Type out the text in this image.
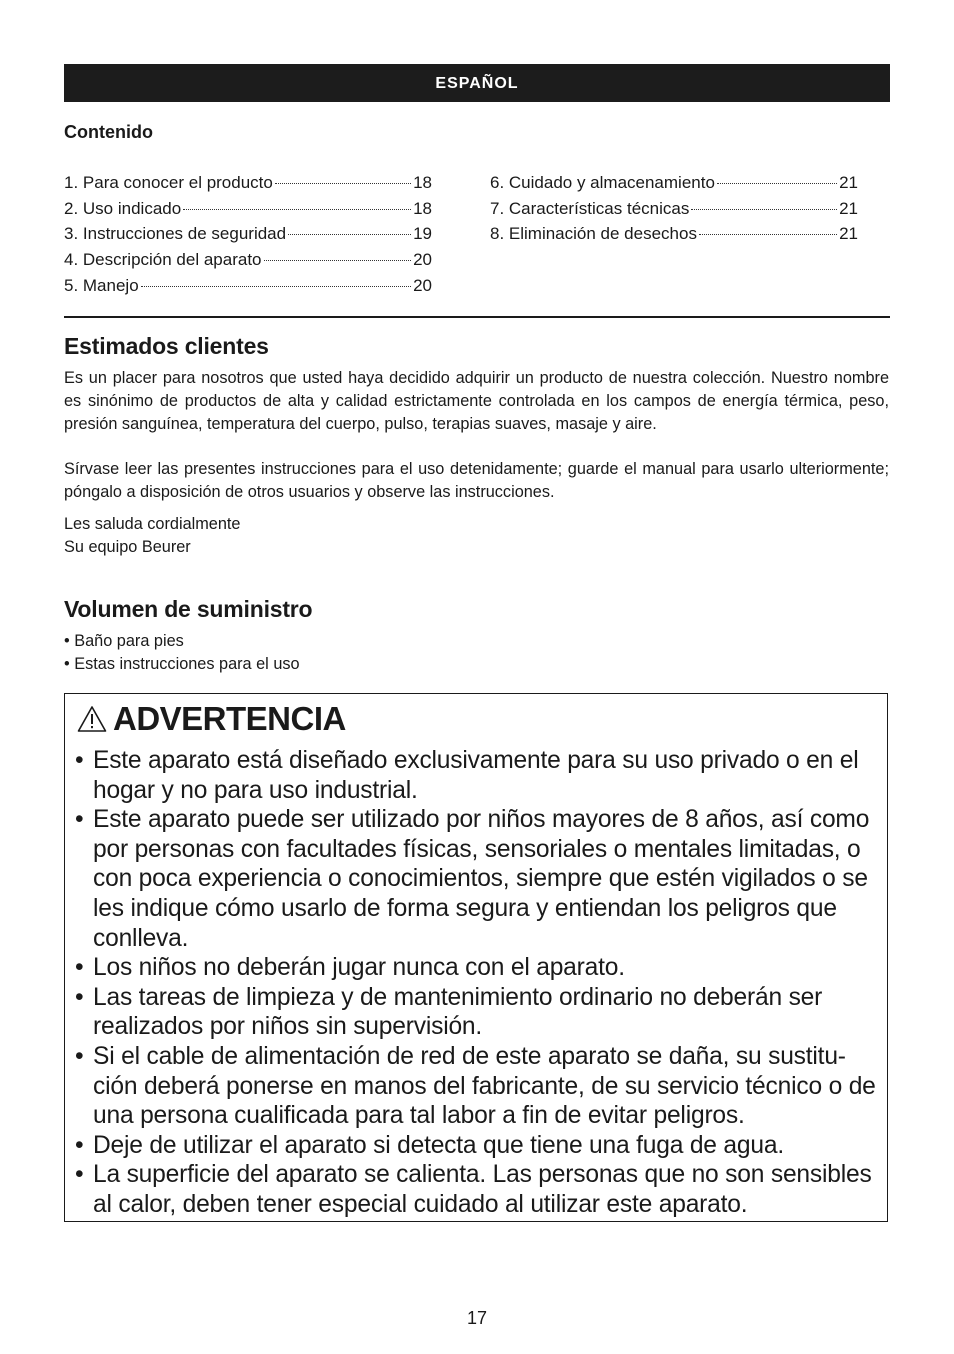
ESPAÑOL
Contenido
1. Para conocer el producto	18
2. Uso indicado	18
3. Instrucciones de seguridad	19
4. Descripción del aparato	20
5. Manejo	20
6. Cuidado y almacenamiento	21
7. Características técnicas	21
8. Eliminación de desechos	21
Estimados clientes
Es un placer para nosotros que usted haya decidido adquirir un producto de nuestra colección. Nuestro nombre es sinónimo de productos de alta y calidad estrictamente controlada en los campos de energía térmica, peso, presión sanguínea, temperatura del cuerpo, pulso, terapias suaves, masaje y aire.
Sírvase leer las presentes instrucciones para el uso detenidamente; guarde el manual para usarlo ulteriormente; póngalo a disposición de otros usuarios y observe las instrucciones.
Les saluda cordialmente
Su equipo Beurer
Volumen de suministro
• Baño para pies
• Estas instrucciones para el uso
ADVERTENCIA
• Este aparato está diseñado exclusivamente para su uso privado o en el hogar y no para uso industrial.
• Este aparato puede ser utilizado por niños mayores de 8 años, así como por personas con facultades físicas, sensoriales o mentales limitadas, o con poca experiencia o conocimientos, siempre que estén vigilados o se les indique cómo usarlo de forma segura y entiendan los peligros que conlleva.
• Los niños no deberán jugar nunca con el aparato.
• Las tareas de limpieza y de mantenimiento ordinario no deberán ser realizados por niños sin supervisión.
• Si el cable de alimentación de red de este aparato se daña, su sustitu-ción deberá ponerse en manos del fabricante, de su servicio técnico o de una persona cualificada para tal labor a fin de evitar peligros.
• Deje de utilizar el aparato si detecta que tiene una fuga de agua.
• La superficie del aparato se calienta. Las personas que no son sensibles al calor, deben tener especial cuidado al utilizar este aparato.
17
